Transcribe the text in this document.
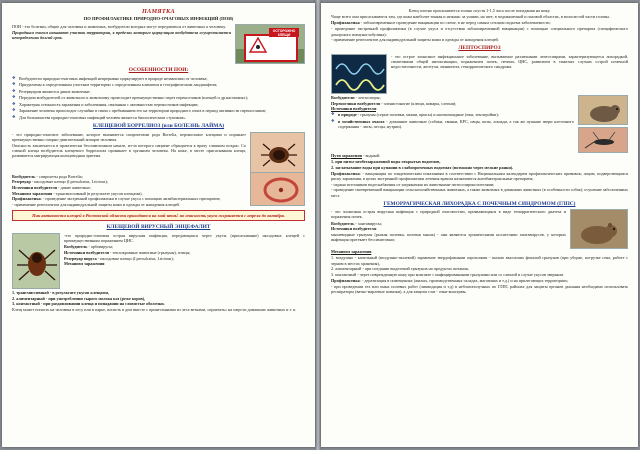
ПАМЯТКА
ПО ПРОФИЛАКТИКЕ ПРИРОДНО-ОЧАГОВЫХ ИНФЕКЦИЙ (ПОИ)

ПОИ - это болезни, общие для человека и животных, возбудители которых могут передаваться от животных к человеку.

Природным очагом называют участок территории, в пределах которого циркуляция возбудителя осуществляется неопределенно долгий срок.

ОСТОРОЖНО КЛЕЩИ
ОСОБЕННОСТИ ПОИ:
❖ Возбудители природно-очаговых инфекций непрерывно циркулируют в природе независимо от человека;
❖ Приурочены к определенным участкам территории с определенным климатом и географическим ландшафтом;
❖ Резервуаром являются дикие животные;
❖ Передача возбудителей от животного к животному происходит преимущественно через переносчиков (клещей и др.насекомых);
❖ Характерна сезонность заражения и заболевания, связанная с активностью переносчиков инфекции;
❖ Заражение человека происходит случайно в связи с пребыванием его на территории природного очага в период активности переносчиков;
❖ Для большинства природно-очаговых инфекций человек является биологическим «тупиком».
КЛЕЩЕВОЙ БОРРЕЛИОЗ (или БОЛЕЗНЬ ЛАЙМА)

- это природно-очаговое заболевание, которое вызывается спирохетами рода Borrelia, переносимое клещами и поражает преимущественно опорно-двигательный аппарат человека.

Опасность заключается в практически бессимптомном начале, из-за которого пациент обращается к врачу слишком поздно. Со слюной клеща возбудитель клещевого боррелиоза проникает в организм человека. На коже, в месте присасывания клеща, развивается мигрирующая кольцевидная эритема.

Возбудитель - спирохеты рода Borrelia;
Резервуар - иксодовые клещи (I.persulcatus, I.ricinus);
Источники возбудителя - дикие животные;
Механизм заражения - трансмиссивный (в результате укусов клещами).
Профилактика: - проведение экстренной профилактики в случае укуса с помощью антибактериальных препаратов;
- применение репеллентов для индивидуальной защиты кожи и одежды от нападения клещей.
Пик активности клещей в Ростовской области приходится на май-июнь! но опасность укуса сохраняется с апреля до октября.
КЛЕЩЕВОЙ ВИРУСНЫЙ ЭНЦЕФАЛИТ

-это природно-очаговая острая вирусная инфекция, передающаяся через укусы (присасывание) иксодовых клещей с преимущественным поражением ЦНС.

Возбудитель - арбовирусы;
Источники возбудителя - теплокровные животные (грызуны), птицы;
Резервуар вируса - иксодовые клещи (I.persulcatus, I.ricinus);
Механизм заражения:
1. трансмиссивный - в результате укусов клещами,
2. алиментарный - при употреблении сырого молока коз (реже коров),
3. контактный - при раздавливании клеща и попадании на слизистые оболочки.

Клещ может попасть на человека в лесу или в парке, попасть в дом вместе с принесенными из леса ветками, «приехать» на шерсти домашних животных и т. п.

Клещ плотно присасывается только спустя 1-1,5 часа после попадания на кожу.

Чаще всего они присасываются там, где кожа наиболее тонкая и нежная: за ушами, на шее, в подмышечной и паховой областях, в волосистой части головы.

Профилактика - заблаговременное проведение вакцинации по схеме, в не перед самым сезоном подъема заболеваемости;

- проведение экстренной профилактики (в случае укуса и отсутствия заблаговременной вакцинации) с помощью специального препарата (специфического донорского иммуноглобулина);
- применение репеллентов для индивидуальной защиты кожи и одежды от нападения клещей.
ЛЕПТОСПИРОЗ

- это острое зоонозное инфекционное заболевание, вызываемое различными лептоспирами, характеризующееся лихорадкой, симптомами общей интоксикации, поражением почек, печени, ЦНС, развитием в тяжелых случаях острой почечной недостаточности, желтухи, менингита, геморрагического синдрома.

Возбудители - лептоспиры;
Переносчики возбудителя - членистоногие (клещи, комары, слепни);
Источники возбудителя:
❖ в природе - грызуны (серые полевки, мыши, крысы) и насекомоядные (ежи, землеройки);
❖ в хозяйственных очагах - домашние животные (собаки, свиньи, КРС, овцы, козы, лошади, а так же пушные звери клеточного содержания - лисы, песцы, нутрии).

Пути заражения - водный:

1. при питье необеззараженной воды открытых водоемов,
2. заглатывание воды при купании в слабопроточных водоемах (возможно через мелкие ранки).

Профилактика: - вакцинация по эпидемическим показаниям в соответствии с Национальным календарем профилактических прививок; лицам, подвергающимся риску заражения, в целях экстренной профилактики лечения врачом назначаются антибактериальные препараты;

- охрана источников водоснабжения от загрязнения их животными-лептоспироносителями;
- проведение своевременной вакцинации сельскохозяйственных животных, а также животных в домашних животных (в особенности собак); осушение заболоченных мест.
ГЕМОРРАГИЧЕСКАЯ ЛИХОРАДКА С ПОЧЕЧНЫМ СИНДРОМОМ (ГЛПС)

- это зоонозная острая вирусная инфекция с природной очаговостью, проявляющаяся в виде геморрагического диатеза и поражения почек.

Возбудитель - хантавирусы;
Источники возбудителя:

мышевидные грызуны (рыжая полевка, полевая мышь) - они являются хроническими носителями хантавирусов, у которых инфекция протекает бессимптомно;

Механизм заражения:

1. воздушно - капельный (воздушно-пылевой) заражение твердофазными аэрозолями - пылью высохших фекалий грызунов (при уборке, погрузке сена, работе с зерном в местах хранения),
2. алиментарный - при поедании выделений грызунов на продуктах питания,
3. контактный - через поврежденную кожу при контакте с инфицированными грызунами или со слюной в случае укусов зверьком.

Профилактика: - дератизация в помещениях (жилых, производственных складах, магазинах и т.д.) и на прилегающих территориях;

- при проведении тех или иных полевых работ (ликвидация и т.д) в неблагополучных по ГЛПС районах для защиты органов дыхания необходимо использовать респираторы (ватно-марлевые повязки), а для защиты глаз - очки-консервы.
